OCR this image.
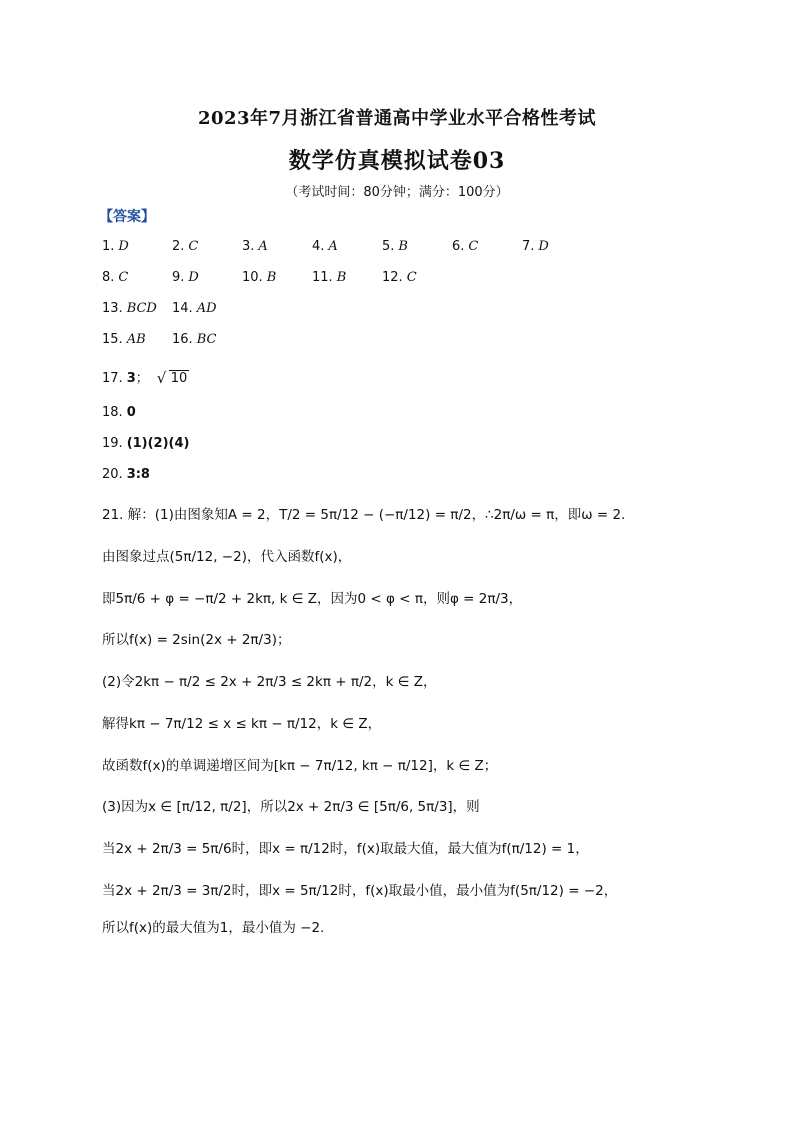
2023年7月浙江省普通高中学业水平合格性考试
数学仿真模拟试卷03
（考试时间：80分钟；满分：100分）
【答案】
1. D	2. C	3. A	4. A	5. B	6. C	7. D
8. C	9. D	10. B	11. B	12. C
13. BCD 14. AD
15. AB 16. BC
17. 3；√ 10
18. 0
19. (1)(2)(4)
20. 3:8
21. 解：(1)由图象知A = 2，T/2 = 5π/12 − (−π/12) = π/2，∴2π/ω = π，即ω = 2.
由图象过点(5π/12, −2)，代入函数f(x)，
即5π/6 + φ = −π/2 + 2kπ, k ∈ Z，因为0 < φ < π，则φ = 2π/3，
所以f(x) = 2sin(2x + 2π/3)；
(2)令2kπ − π/2 ≤ 2x + 2π/3 ≤ 2kπ + π/2，k ∈ Z，
解得kπ − 7π/12 ≤ x ≤ kπ − π/12，k ∈ Z，
故函数f(x)的单调递增区间为[kπ − 7π/12, kπ − π/12]，k ∈ Z；
(3)因为x ∈ [π/12, π/2]，所以2x + 2π/3 ∈ [5π/6, 5π/3]，则
当2x + 2π/3 = 5π/6时，即x = π/12时，f(x)取最大值，最大值为f(π/12) = 1，
当2x + 2π/3 = 3π/2时，即x = 5π/12时，f(x)取最小值，最小值为f(5π/12) = −2，
所以f(x)的最大值为1，最小值为 −2.
